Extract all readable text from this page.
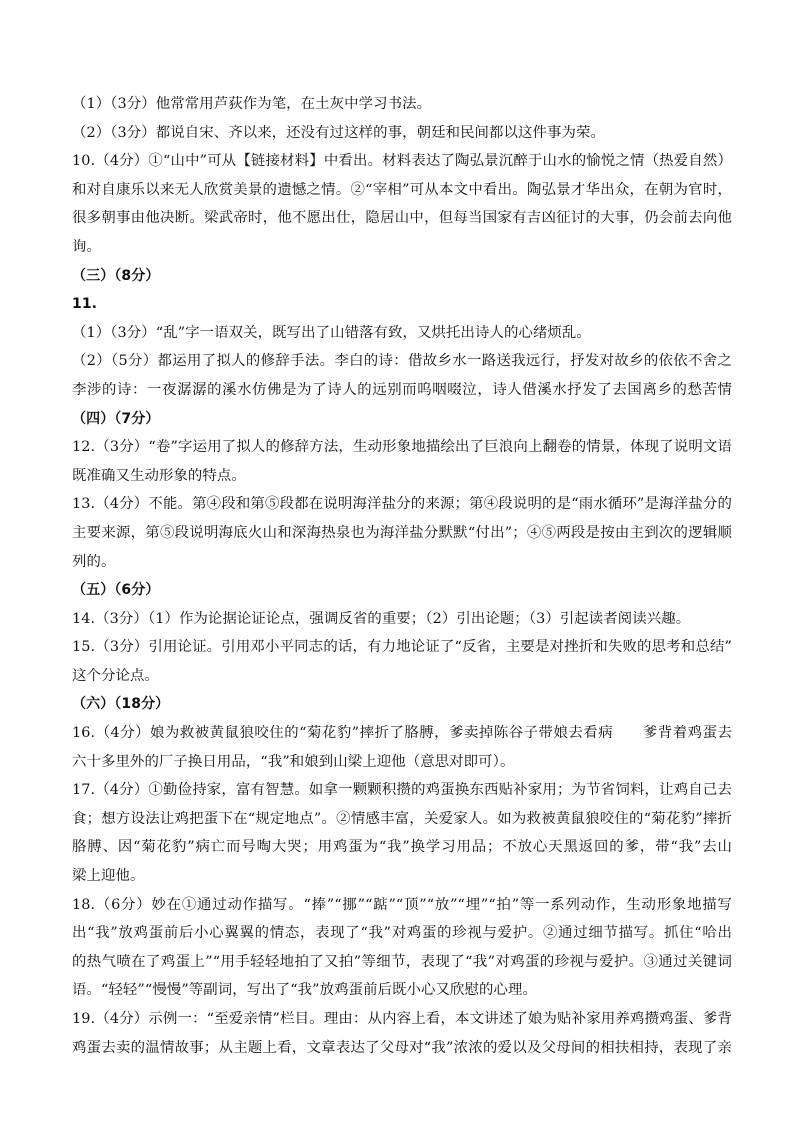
（1）（3分）他常常用芦荻作为笔，在土灰中学习书法。
（2）（3分）都说自宋、齐以来，还没有过这样的事，朝廷和民间都以这件事为荣。
10.（4分）①“山中”可从【链接材料】中看出。材料表达了陶弘景沉醉于山水的愉悦之情（热爱自然）
和对自康乐以来无人欣赏美景的遗憾之情。②“宰相”可从本文中看出。陶弘景才华出众，在朝为官时，
很多朝事由他决断。梁武帝时，他不愿出仕，隐居山中，但每当国家有吉凶征讨的大事，仍会前去向他
询。
（三）（8分）
11.
（1）（3分）“乱”字一语双关，既写出了山错落有致，又烘托出诗人的心绪烦乱。
（2）（5分）都运用了拟人的修辞手法。李白的诗：借故乡水一路送我远行，抒发对故乡的依依不舍之
李涉的诗：一夜潺潺的溪水仿佛是为了诗人的远别而呜咽啜泣，诗人借溪水抒发了去国离乡的愁苦情
（四）（7分）
12.（3分）“卷”字运用了拟人的修辞方法，生动形象地描绘出了巨浪向上翻卷的情景，体现了说明文语
既准确又生动形象的特点。
13.（4分）不能。第④段和第⑤段都在说明海洋盐分的来源；第④段说明的是“雨水循环”是海洋盐分的
主要来源，第⑤段说明海底火山和深海热泉也为海洋盐分默默“付出”；④⑤两段是按由主到次的逻辑顺
列的。
（五）（6分）
14.（3分）（1）作为论据论证论点，强调反省的重要；（2）引出论题；（3）引起读者阅读兴趣。
15.（3分）引用论证。引用邓小平同志的话，有力地论证了“反省，主要是对挫折和失败的思考和总结”
这个分论点。
（六）（18分）
16.（4分）娘为救被黄鼠狼咬住的“菊花豹”摔折了胳膊，爹卖掉陈谷子带娘去看病　　爹背着鸡蛋去
六十多里外的厂子换日用品，“我”和娘到山梁上迎他（意思对即可）。
17.（4分）①勤俭持家，富有智慧。如拿一颗颗积攒的鸡蛋换东西贴补家用；为节省饲料，让鸡自己去
食；想方设法让鸡把蛋下在“规定地点”。②情感丰富，关爱家人。如为救被黄鼠狼咬住的“菊花豹”摔折
胳膊、因“菊花豹”病亡而号啕大哭；用鸡蛋为“我”换学习用品；不放心天黑返回的爹，带“我”去山
梁上迎他。
18.（6分）妙在①通过动作描写。“捧”“挪”“踮”“顶”“放”“埋”“拍”等一系列动作，生动形象地描写
出“我”放鸡蛋前后小心翼翼的情态，表现了“我”对鸡蛋的珍视与爱护。②通过细节描写。抓住“哈出
的热气喷在了鸡蛋上”“用手轻轻地拍了又拍”等细节，表现了“我”对鸡蛋的珍视与爱护。③通过关键词
语。“轻轻”“慢慢”等副词，写出了“我”放鸡蛋前后既小心又欣慰的心理。
19.（4分）示例一：“至爱亲情”栏目。理由：从内容上看，本文讲述了娘为贴补家用养鸡攒鸡蛋、爹背
鸡蛋去卖的温情故事；从主题上看，文章表达了父母对“我”浓浓的爱以及父母间的相扶相持，表现了亲
